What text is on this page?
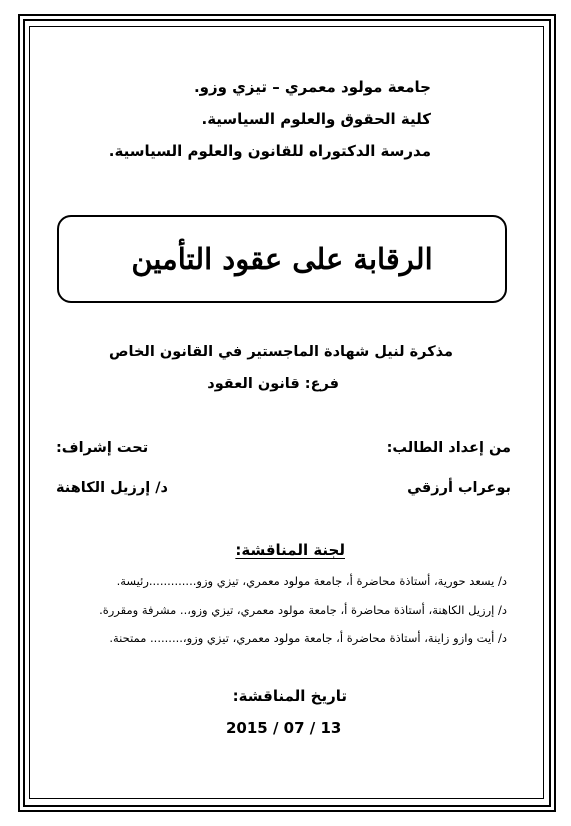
جامعة مولود معمري – تيزي وزو.
كلية الحقوق والعلوم السياسية.
مدرسة الدكتوراه للقانون والعلوم السياسية.
الرقابة على عقود التأمين
مذكرة لنيل شهادة الماجستير في القانون الخاص
فرع: قانون العقود
من إعداد الطالب:
تحت إشراف:
بوعراب أرزقي
د/ إرزيل الكاهنة
لجنة المناقشة:
د/ يسعد حورية، أستاذة محاضرة أ، جامعة مولود معمري، تيزي وزو.............رئيسة.
د/ إرزيل الكاهنة، أستاذة محاضرة أ، جامعة مولود معمري، تيزي وزو،.. مشرفة ومقررة.
د/ أيت وازو زاينة، أستاذة محاضرة أ، جامعة مولود معمري، تيزي وزو،......... ممتحنة.
تاريخ المناقشة:
2015 / 07 / 13
